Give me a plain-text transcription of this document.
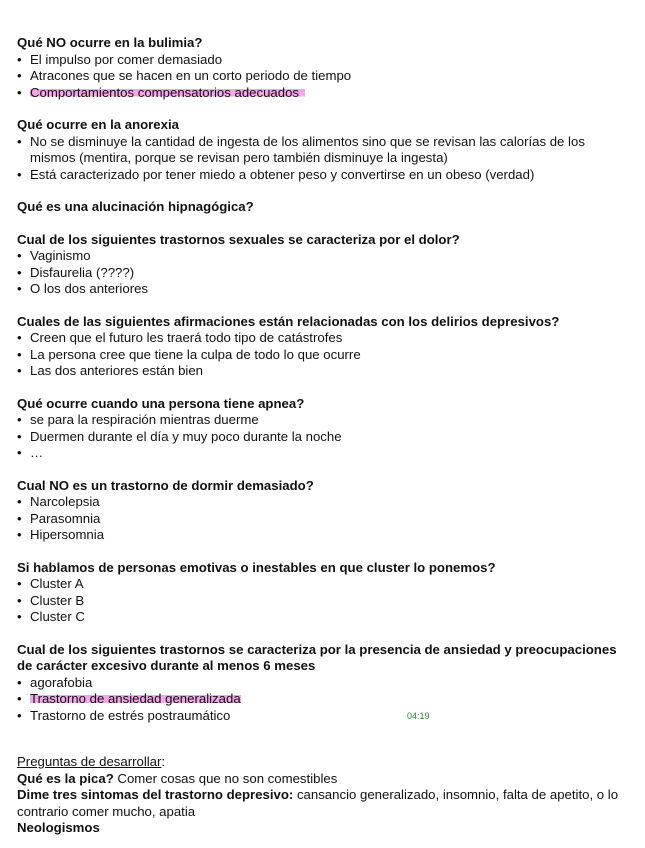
Qué NO ocurre en la bulimia?

• El impulso por comer demasiado
• Atracones que se hacen en un corto periodo de tiempo
• Comportamientos compensatorios adecuados

Qué ocurre en la anorexia

• No se disminuye la cantidad de ingesta de los alimentos sino que se revisan las calorías de los mismos (mentira, porque se revisan pero también disminuye la ingesta)
• Está caracterizado por tener miedo a obtener peso y convertirse en un obeso (verdad)

Qué es una alucinación hipnagógica?

Cual de los siguientes trastornos sexuales se caracteriza por el dolor?

• Vaginismo
• Disfaurelia (????)
• O los dos anteriores

Cuales de las siguientes afirmaciones están relacionadas con los delirios depresivos?

• Creen que el futuro les traerá todo tipo de catástrofes
• La persona cree que tiene la culpa de todo lo que ocurre
• Las dos anteriores están bien

Qué ocurre cuando una persona tiene apnea?

• se para la respiración mientras duerme
• Duermen durante el día y muy poco durante la noche
• …

Cual NO es un trastorno de dormir demasiado?

• Narcolepsia
• Parasomnia
• Hipersomnia

Si hablamos de personas emotivas o inestables en que cluster lo ponemos?

• Cluster A
• Cluster B
• Cluster C

Cual de los siguientes trastornos se caracteriza por la presencia de ansiedad y preocupaciones de carácter excesivo durante al menos 6 meses

• agorafobia
• Trastorno de ansiedad generalizada
• Trastorno de estrés postraumático	04:19
Preguntas de desarrollar:
Qué es la pica? Comer cosas que no son comestibles
Dime tres sintomas del trastorno depresivo: cansancio generalizado, insomnio, falta de apetito, o lo contrario comer mucho, apatia
Neologismos
